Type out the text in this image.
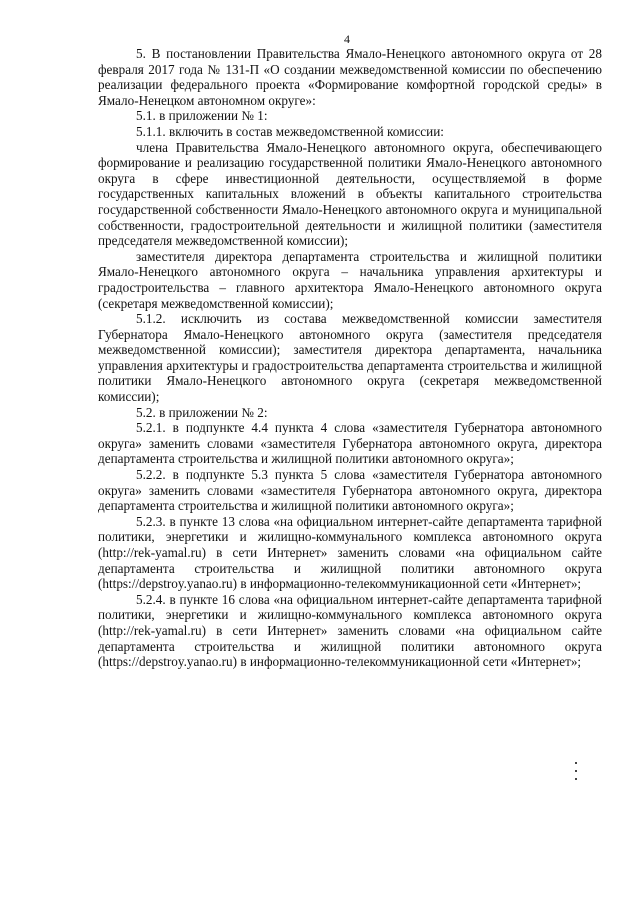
4

5. В постановлении Правительства Ямало-Ненецкого автономного округа от 28 февраля 2017 года № 131-П «О создании межведомственной комиссии по обеспечению реализации федерального проекта «Формирование комфортной городской среды» в Ямало-Ненецком автономном округе»:

5.1. в приложении № 1:

5.1.1. включить в состав межведомственной комиссии:

члена Правительства Ямало-Ненецкого автономного округа, обеспечивающего формирование и реализацию государственной политики Ямало-Ненецкого автономного округа в сфере инвестиционной деятельности, осуществляемой в форме государственных капитальных вложений в объекты капитального строительства государственной собственности Ямало-Ненецкого автономного округа и муниципальной собственности, градостроительной деятельности и жилищной политики (заместителя председателя межведомственной комиссии);

заместителя директора департамента строительства и жилищной политики Ямало-Ненецкого автономного округа – начальника управления архитектуры и градостроительства – главного архитектора Ямало-Ненецкого автономного округа (секретаря межведомственной комиссии);

5.1.2. исключить из состава межведомственной комиссии заместителя Губернатора Ямало-Ненецкого автономного округа (заместителя председателя межведомственной комиссии); заместителя директора департамента, начальника управления архитектуры и градостроительства департамента строительства и жилищной политики Ямало-Ненецкого автономного округа (секретаря межведомственной комиссии);

5.2. в приложении № 2:

5.2.1. в подпункте 4.4 пункта 4 слова «заместителя Губернатора автономного округа» заменить словами «заместителя Губернатора автономного округа, директора департамента строительства и жилищной политики автономного округа»;

5.2.2. в подпункте 5.3 пункта 5 слова «заместителя Губернатора автономного округа» заменить словами «заместителя Губернатора автономного округа, директора департамента строительства и жилищной политики автономного округа»;

5.2.3. в пункте 13 слова «на официальном интернет-сайте департамента тарифной политики, энергетики и жилищно-коммунального комплекса автономного округа (http://rek-yamal.ru) в сети Интернет» заменить словами «на официальном сайте департамента строительства и жилищной политики автономного округа (https://depstroy.yanao.ru) в информационно-телекоммуникационной сети «Интернет»;

5.2.4. в пункте 16 слова «на официальном интернет-сайте департамента тарифной политики, энергетики и жилищно-коммунального комплекса автономного округа (http://rek-yamal.ru) в сети Интернет» заменить словами «на официальном сайте департамента строительства и жилищной политики автономного округа (https://depstroy.yanao.ru) в информационно-телекоммуникационной сети «Интернет»;
